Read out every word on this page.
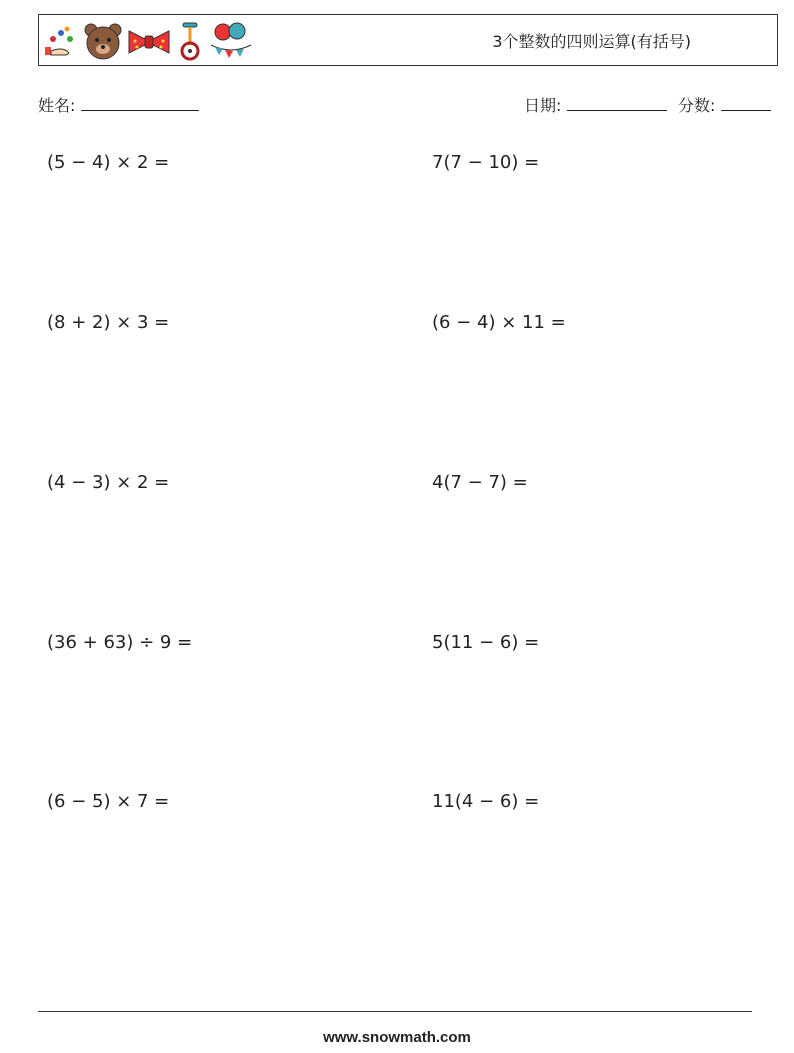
3个整数的四则运算(有括号)
姓名:	日期:	分数:
(5 − 4) × 2 =	7(7 − 10) =
(8 + 2) × 3 =	(6 − 4) × 11 =
(4 − 3) × 2 =	4(7 − 7) =
(36 + 63) ÷ 9 =	5(11 − 6) =
(6 − 5) × 7 =	11(4 − 6) =
www.snowmath.com
